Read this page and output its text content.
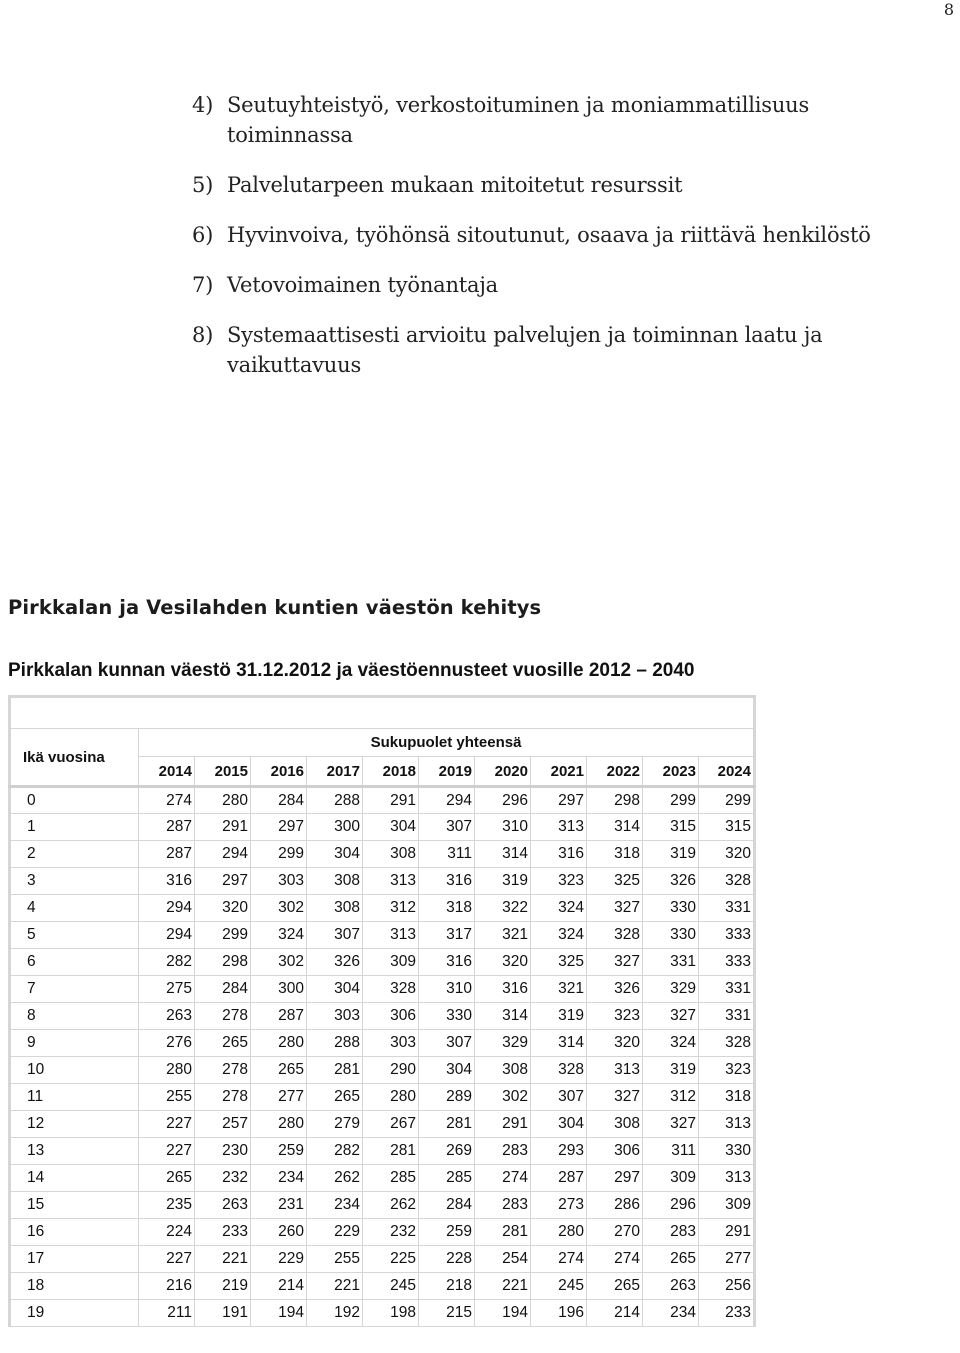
8
4) Seutuyhteistyö, verkostoituminen ja moniammatillisuus toiminnassa
5) Palvelutarpeen mukaan mitoitetut resurssit
6) Hyvinvoiva, työhönsä sitoutunut, osaava ja riittävä henkilöstö
7) Vetovoimainen työnantaja
8) Systemaattisesti arvioitu palvelujen ja toiminnan laatu ja vaikuttavuus
Pirkkalan ja Vesilahden kuntien väestön kehitys

Pirkkalan kunnan väestö 31.12.2012 ja väestöennusteet vuosille 2012 – 2040

Ikä vuosina	Sukupuolet yhteensä										
	2014	2015	2016	2017	2018	2019	2020	2021	2022	2023	2024
0	274	280	284	288	291	294	296	297	298	299	299
1	287	291	297	300	304	307	310	313	314	315	315
2	287	294	299	304	308	311	314	316	318	319	320
3	316	297	303	308	313	316	319	323	325	326	328
4	294	320	302	308	312	318	322	324	327	330	331
5	294	299	324	307	313	317	321	324	328	330	333
6	282	298	302	326	309	316	320	325	327	331	333
7	275	284	300	304	328	310	316	321	326	329	331
8	263	278	287	303	306	330	314	319	323	327	331
9	276	265	280	288	303	307	329	314	320	324	328
10	280	278	265	281	290	304	308	328	313	319	323
11	255	278	277	265	280	289	302	307	327	312	318
12	227	257	280	279	267	281	291	304	308	327	313
13	227	230	259	282	281	269	283	293	306	311	330
14	265	232	234	262	285	285	274	287	297	309	313
15	235	263	231	234	262	284	283	273	286	296	309
16	224	233	260	229	232	259	281	280	270	283	291
17	227	221	229	255	225	228	254	274	274	265	277
18	216	219	214	221	245	218	221	245	265	263	256
19	211	191	194	192	198	215	194	196	214	234	233
